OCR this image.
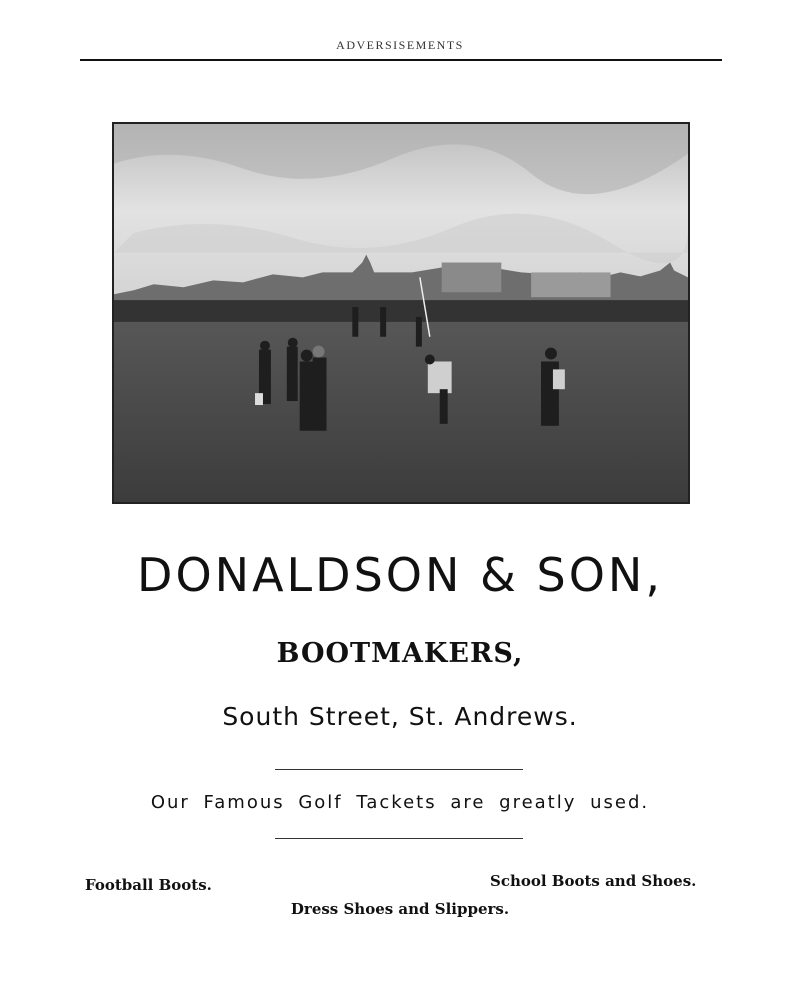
ADVERSISEMENTS
DONALDSON & SON,
BOOTMAKERS,
South Street, St. Andrews.
Our Famous Golf Tackets are greatly used.
Football Boots.	School Boots and Shoes.
Dress Shoes and Slippers.
